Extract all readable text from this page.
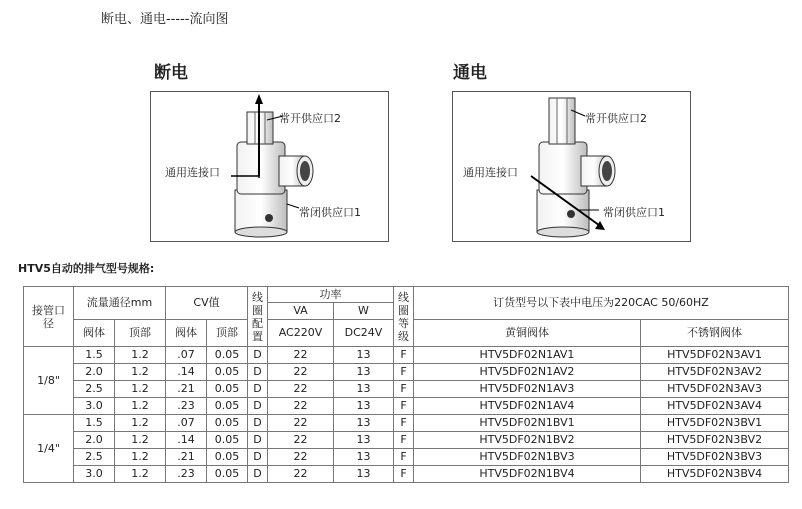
断电、通电-----流向图
断电	通电
常开供应口2
通用连接口
常闭供应口1
常开供应口2
通用连接口
常闭供应口1
HTV5自动的排气型号规格:
接管口径	流量通径mm		CV值		线圈配置	功率		线圈等级	订货型号以下表中电压为220CAC 50/60HZ	
						VA	W			
	阀体	顶部	阀体	顶部		AC220V	DC24V		黄铜阀体	不锈钢阀体
1/8"	1.5	1.2	.07	0.05	D	22	13	F	HTV5DF02N1AV1	HTV5DF02N3AV1
	2.0	1.2	.14	0.05	D	22	13	F	HTV5DF02N1AV2	HTV5DF02N3AV2
	2.5	1.2	.21	0.05	D	22	13	F	HTV5DF02N1AV3	HTV5DF02N3AV3
	3.0	1.2	.23	0.05	D	22	13	F	HTV5DF02N1AV4	HTV5DF02N3AV4
1/4"	1.5	1.2	.07	0.05	D	22	13	F	HTV5DF02N1BV1	HTV5DF02N3BV1
	2.0	1.2	.14	0.05	D	22	13	F	HTV5DF02N1BV2	HTV5DF02N3BV2
	2.5	1.2	.21	0.05	D	22	13	F	HTV5DF02N1BV3	HTV5DF02N3BV3
	3.0	1.2	.23	0.05	D	22	13	F	HTV5DF02N1BV4	HTV5DF02N3BV4
